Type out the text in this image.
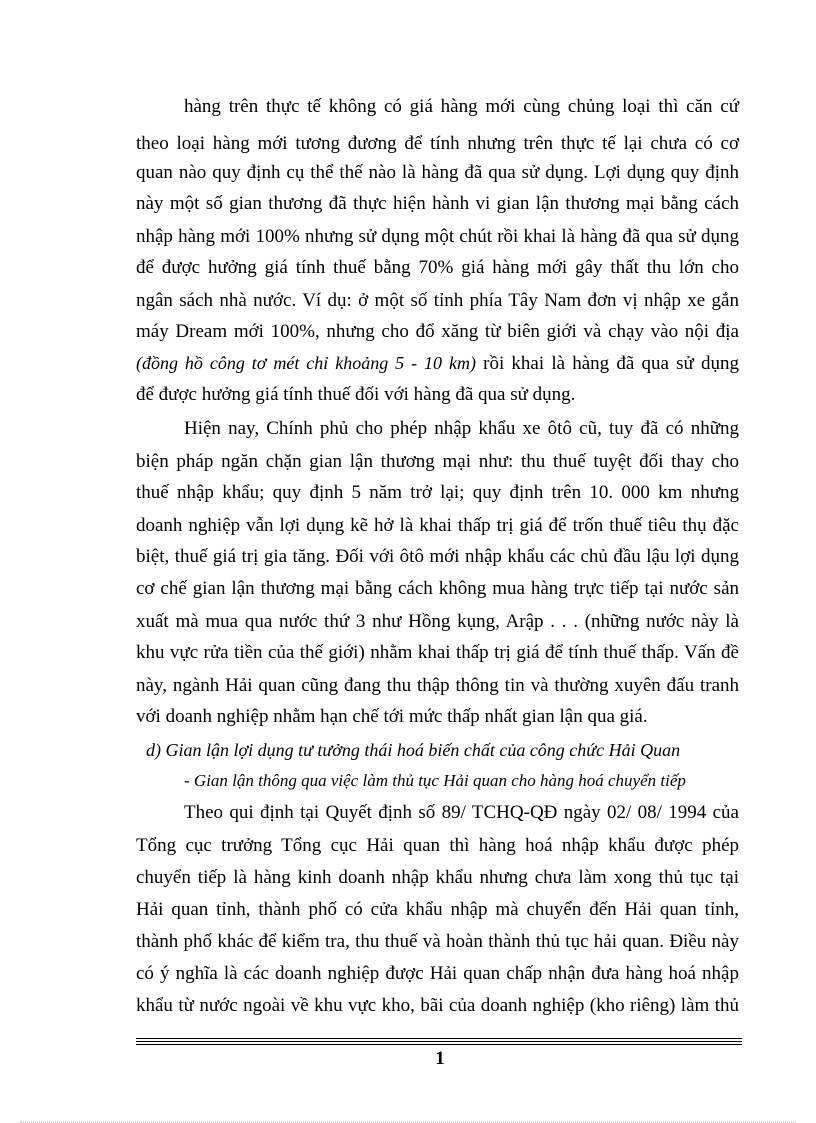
hàng trên thực tế không có giá hàng mới cùng chủng loại thì căn cứ
theo loại hàng mới tương đương để tính nhưng trên thực tế lại chưa có cơ
quan nào quy định cụ thể thế nào là hàng đã qua sử dụng. Lợi dụng quy định
này một số gian thương đã thực hiện hành vi gian lận thương mại bằng cách
nhập hàng mới 100% nhưng sử dụng một chút rồi khai là hàng đã qua sử dụng
để được hưởng giá tính thuế bằng 70% giá hàng mới gây thất thu lớn cho
ngân sách nhà nước. Ví dụ: ở một số tỉnh phía Tây Nam đơn vị nhập xe gắn
máy Dream mới 100%, nhưng cho đổ xăng từ biên giới và chạy vào nội địa
(đồng hồ công tơ mét chỉ khoảng 5 - 10 km) rồi khai là hàng đã qua sử dụng
để được hưởng giá tính thuế đối với hàng đã qua sử dụng.
Hiện nay, Chính phủ cho phép nhập khẩu xe ôtô cũ, tuy đã có những
biện pháp ngăn chặn gian lận thương mại như: thu thuế tuyệt đối thay cho
thuế nhập khẩu; quy định 5 năm trở lại; quy định trên 10. 000 km nhưng
doanh nghiệp vẫn lợi dụng kẽ hở là khai thấp trị giá để trốn thuế tiêu thụ đặc
biệt, thuế giá trị gia tăng. Đối với ôtô mới nhập khẩu các chủ đầu lậu lợi dụng
cơ chế gian lận thương mại bằng cách không mua hàng trực tiếp tại nước sản
xuất mà mua qua nước thứ 3 như Hồng kụng, Arập . . . (những nước này là
khu vực rửa tiền của thế giới) nhằm khai thấp trị giá để tính thuế thấp. Vấn đề
này, ngành Hải quan cũng đang thu thập thông tin và thường xuyên đấu tranh
với doanh nghiệp nhằm hạn chế tới mức thấp nhất gian lận qua giá.
d) Gian lận lợi dụng tư tưởng thái hoá biến chất của công chức Hải Quan
- Gian lận thông qua việc làm thủ tục Hải quan cho hàng hoá chuyển tiếp
Theo qui định tại Quyết định số 89/ TCHQ-QĐ ngày 02/ 08/ 1994 của
Tổng cục trưởng Tổng cục Hải quan thì hàng hoá nhập khẩu được phép
chuyển tiếp là hàng kinh doanh nhập khẩu nhưng chưa làm xong thủ tục tại
Hải quan tỉnh, thành phố có cửa khẩu nhập mà chuyển đến Hải quan tỉnh,
thành phố khác để kiểm tra, thu thuế và hoàn thành thủ tục hải quan. Điều này
có ý nghĩa là các doanh nghiệp được Hải quan chấp nhận đưa hàng hoá nhập
khẩu từ nước ngoài về khu vực kho, bãi của doanh nghiệp (kho riêng) làm thủ
1
